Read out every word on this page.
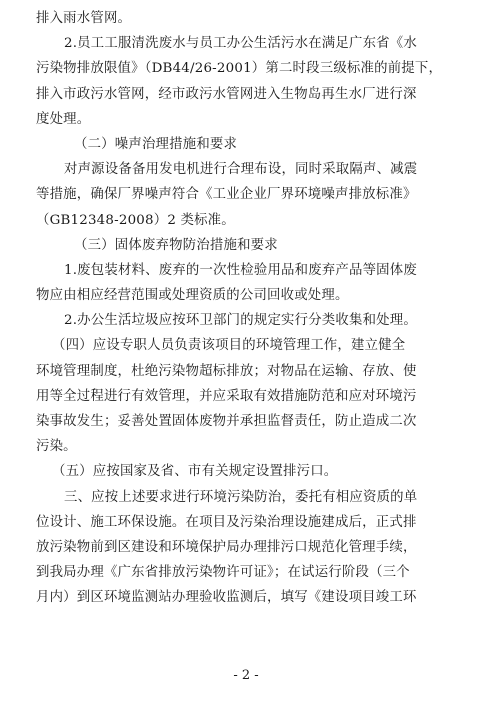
排入雨水管网。
2.员工工服清洗废水与员工办公生活污水在满足广东省《水
污染物排放限值》（DB44/26-2001）第二时段三级标准的前提下，
排入市政污水管网，经市政污水管网进入生物岛再生水厂进行深
度处理。
（二）噪声治理措施和要求
对声源设备备用发电机进行合理布设，同时采取隔声、减震
等措施，确保厂界噪声符合《工业企业厂界环境噪声排放标准》
（GB12348-2008）2 类标准。
（三）固体废弃物防治措施和要求
1.废包装材料、废弃的一次性检验用品和废弃产品等固体废
物应由相应经营范围或处理资质的公司回收或处理。
2.办公生活垃圾应按环卫部门的规定实行分类收集和处理。
（四）应设专职人员负责该项目的环境管理工作，建立健全
环境管理制度，杜绝污染物超标排放；对物品在运输、存放、使
用等全过程进行有效管理，并应采取有效措施防范和应对环境污
染事故发生；妥善处置固体废物并承担监督责任，防止造成二次
污染。
（五）应按国家及省、市有关规定设置排污口。
三、应按上述要求进行环境污染防治，委托有相应资质的单
位设计、施工环保设施。在项目及污染治理设施建成后，正式排
放污染物前到区建设和环境保护局办理排污口规范化管理手续，
到我局办理《广东省排放污染物许可证》；在试运行阶段（三个
月内）到区环境监测站办理验收监测后，填写《建设项目竣工环
- 2 -
